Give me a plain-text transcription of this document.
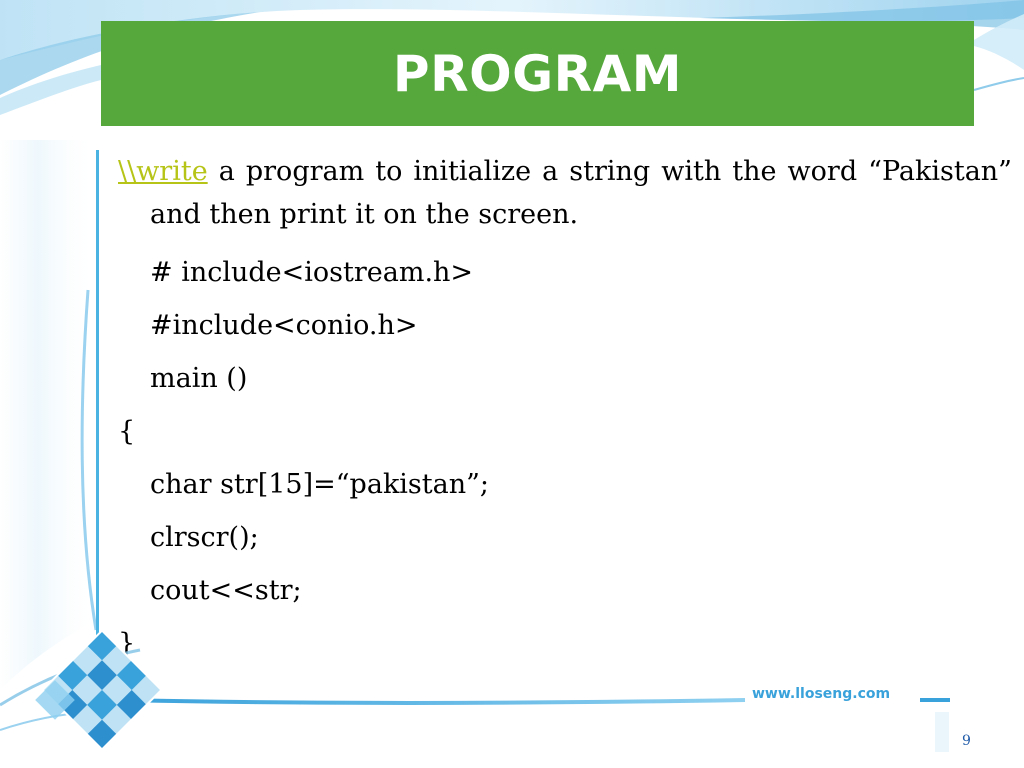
PROGRAM

\\write a program to initialize a string with the word “Pakistan” and then print it on the screen.

# include<iostream.h>

#include<conio.h>

main ()

{

char str[15]=“pakistan”;

clrscr();

cout<<str;

}

www.lloseng.com
9
